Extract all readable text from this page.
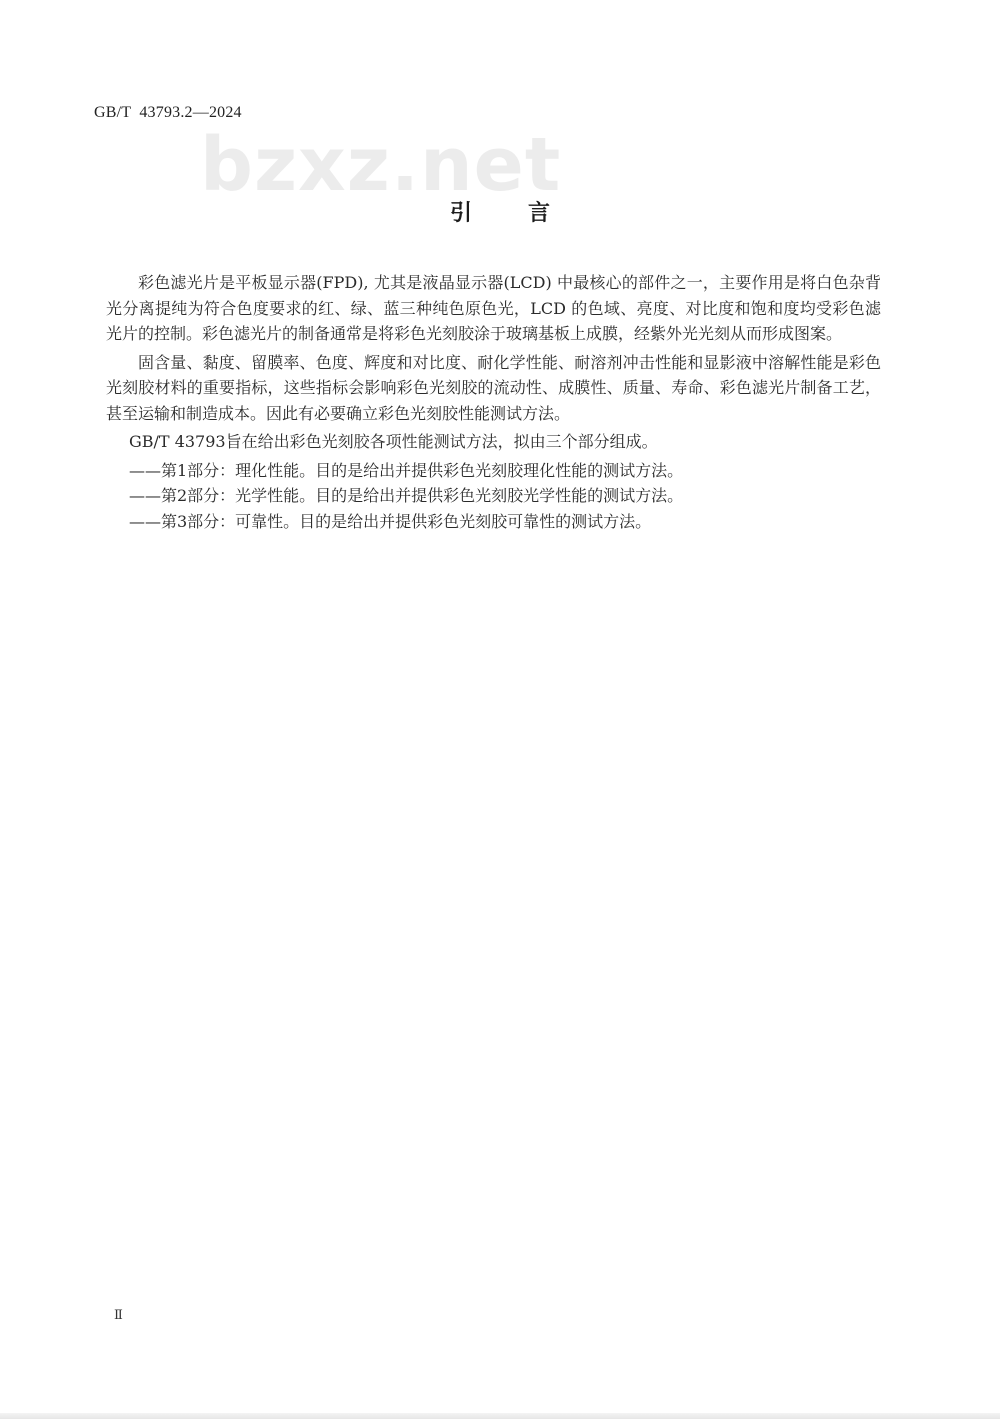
GB/T  43793.2—2024
bzxz.net
引言

彩色滤光片是平板显示器(FPD), 尤其是液晶显示器(LCD) 中最核心的部件之一，主要作用是将白色杂背光分离提纯为符合色度要求的红、绿、蓝三种纯色原色光，LCD 的色域、亮度、对比度和饱和度均受彩色滤光片的控制。彩色滤光片的制备通常是将彩色光刻胶涂于玻璃基板上成膜，经紫外光光刻从而形成图案。

固含量、黏度、留膜率、色度、辉度和对比度、耐化学性能、耐溶剂冲击性能和显影液中溶解性能是彩色光刻胶材料的重要指标，这些指标会影响彩色光刻胶的流动性、成膜性、质量、寿命、彩色滤光片制备工艺，甚至运输和制造成本。因此有必要确立彩色光刻胶性能测试方法。

GB/T 43793旨在给出彩色光刻胶各项性能测试方法，拟由三个部分组成。

——第1部分：理化性能。目的是给出并提供彩色光刻胶理化性能的测试方法。

——第2部分：光学性能。目的是给出并提供彩色光刻胶光学性能的测试方法。

——第3部分：可靠性。目的是给出并提供彩色光刻胶可靠性的测试方法。

Ⅱ
